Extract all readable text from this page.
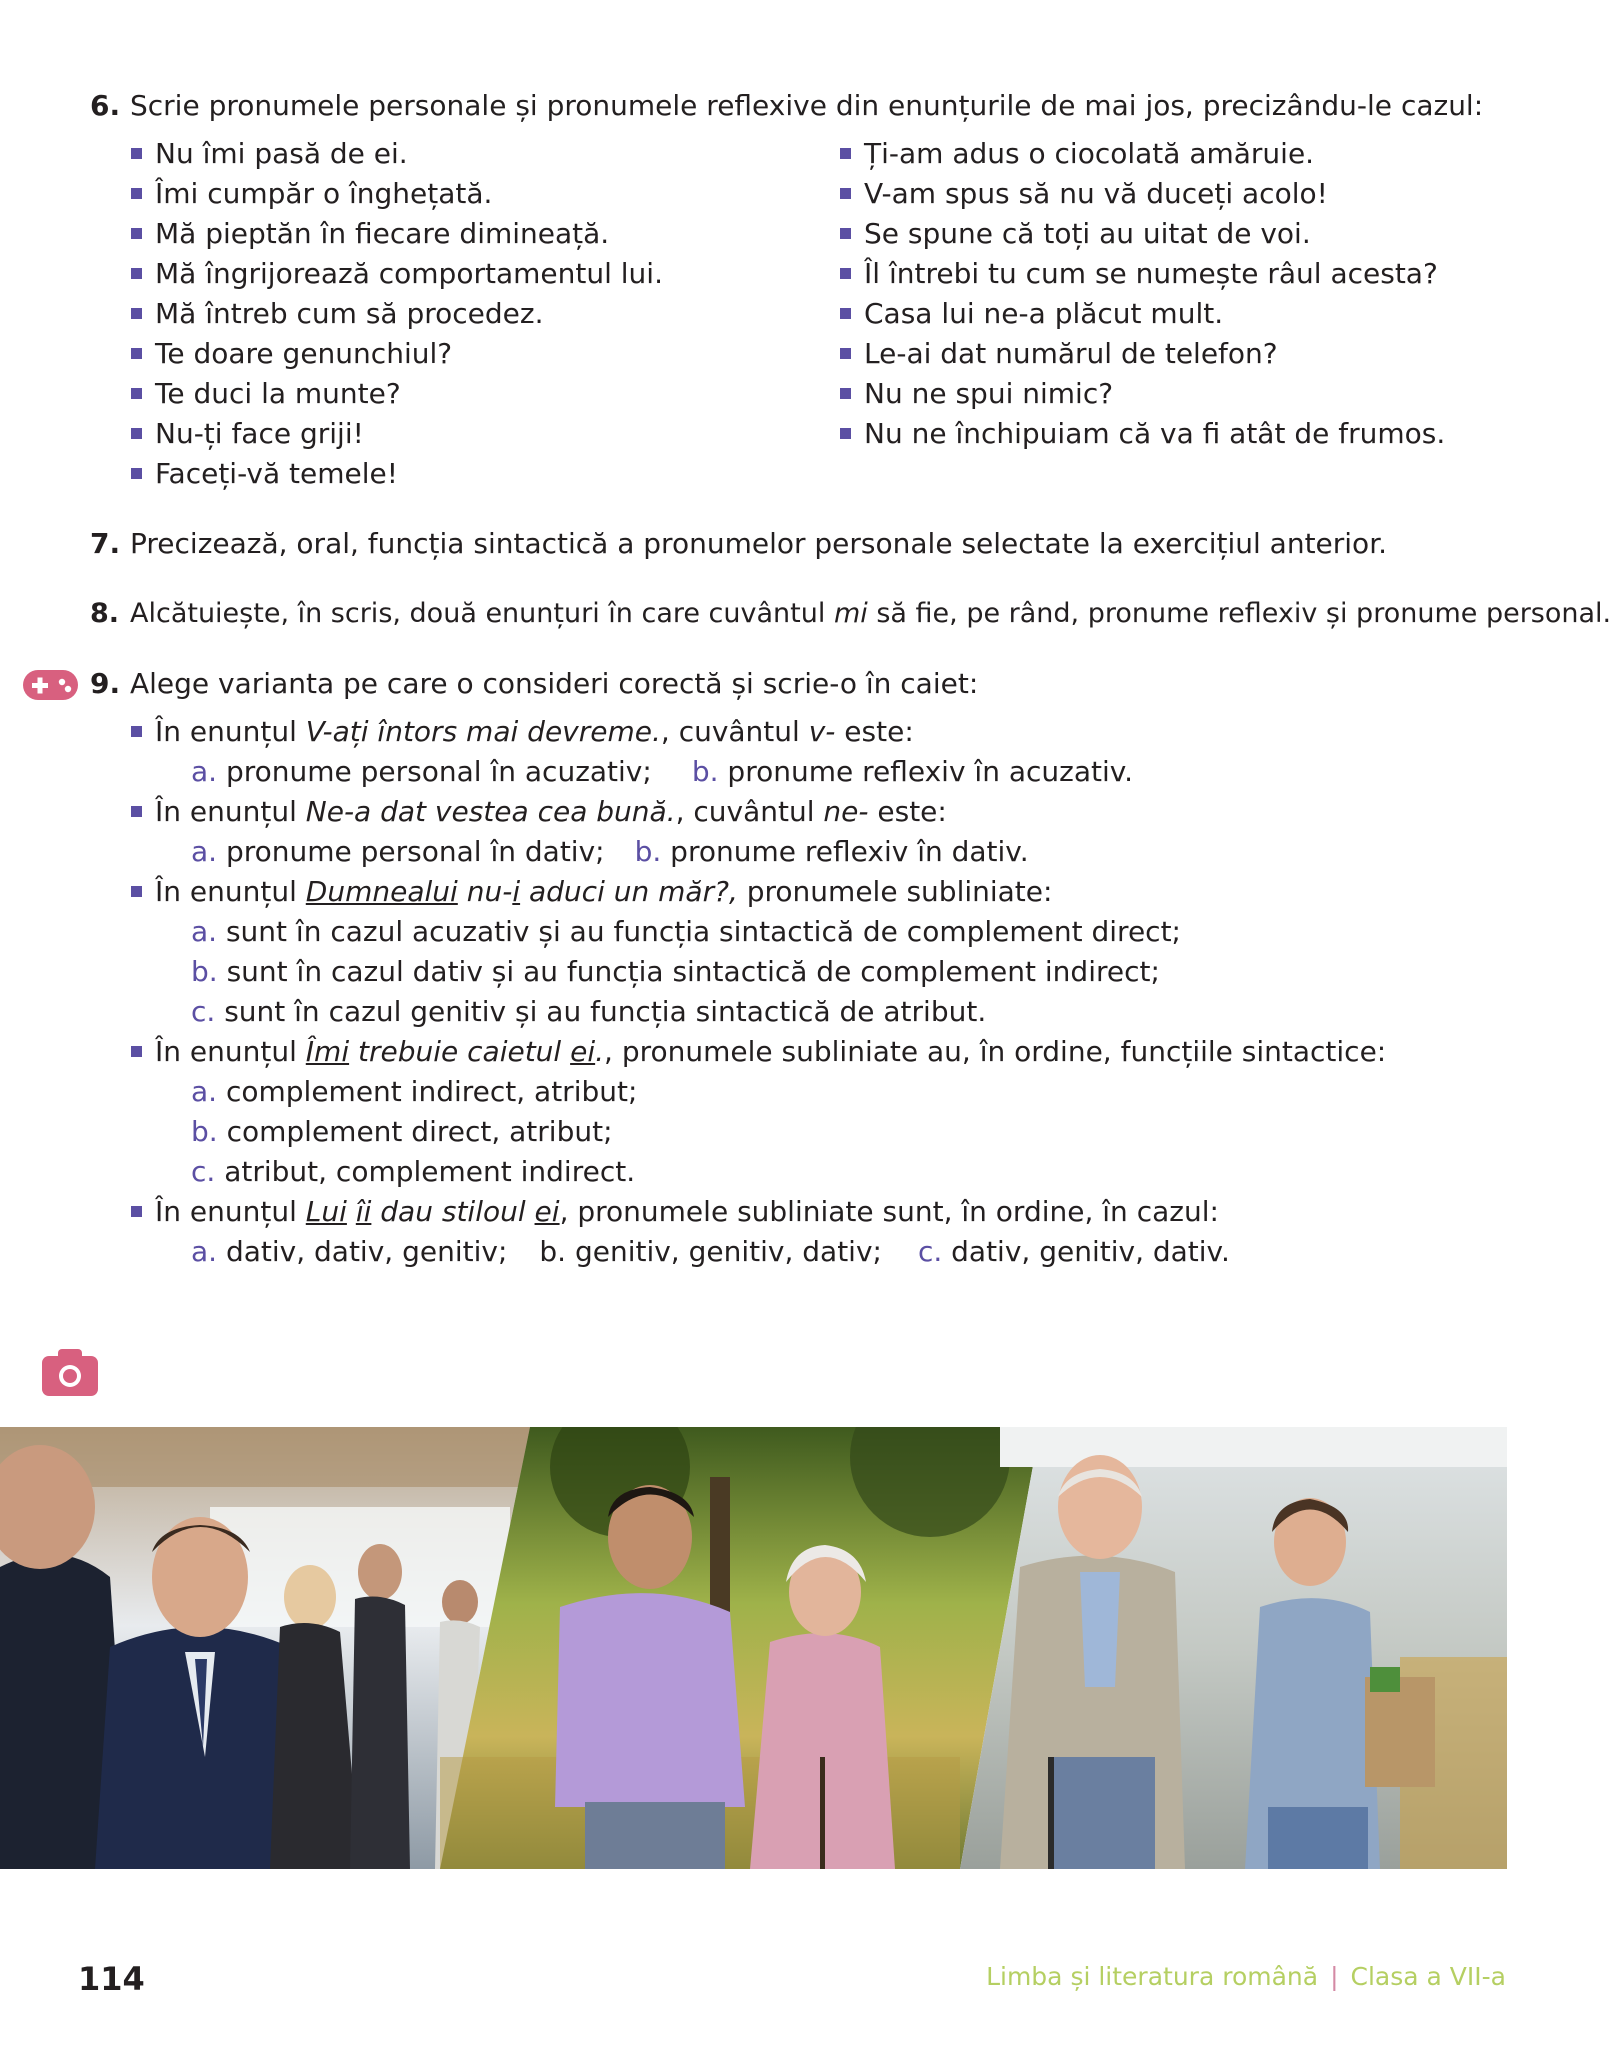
6. Scrie pronumele personale și pronumele reflexive din enunțurile de mai jos, precizându-le cazul:
Nu îmi pasă de ei.
Îmi cumpăr o înghețată.
Mă pieptăn în fiecare dimineață.
Mă îngrijorează comportamentul lui.
Mă întreb cum să procedez.
Te doare genunchiul?
Te duci la munte?
Nu-ți face griji!
Faceți-vă temele!
Ți-am adus o ciocolată amăruie.
V-am spus să nu vă duceți acolo!
Se spune că toți au uitat de voi.
Îl întrebi tu cum se numește râul acesta?
Casa lui ne-a plăcut mult.
Le-ai dat numărul de telefon?
Nu ne spui nimic?
Nu ne închipuiam că va fi atât de frumos.
7. Precizează, oral, funcția sintactică a pronumelor personale selectate la exercițiul anterior.
8. Alcătuiește, în scris, două enunțuri în care cuvântul mi să fie, pe rând, pronume reflexiv și pronume personal.
9. Alege varianta pe care o consideri corectă și scrie-o în caiet:
În enunțul V-ați întors mai devreme., cuvântul v- este:
a. pronume personal în acuzativ; b. pronume reflexiv în acuzativ.
În enunțul Ne-a dat vestea cea bună., cuvântul ne- este:
a. pronume personal în dativ; b. pronume reflexiv în dativ.
În enunțul Dumnealui nu-i aduci un măr?, pronumele subliniate:
a. sunt în cazul acuzativ și au funcția sintactică de complement direct;
b. sunt în cazul dativ și au funcția sintactică de complement indirect;
c. sunt în cazul genitiv și au funcția sintactică de atribut.
În enunțul Îmi trebuie caietul ei., pronumele subliniate au, în ordine, funcțiile sintactice:
a. complement indirect, atribut;
b. complement direct, atribut;
c. atribut, complement indirect.
În enunțul Lui îi dau stiloul ei, pronumele subliniate sunt, în ordine, în cazul:
a. dativ, dativ, genitiv; b. genitiv, genitiv, dativ; c. dativ, genitiv, dativ.
114	Limba și literatura română | Clasa a VII-a
